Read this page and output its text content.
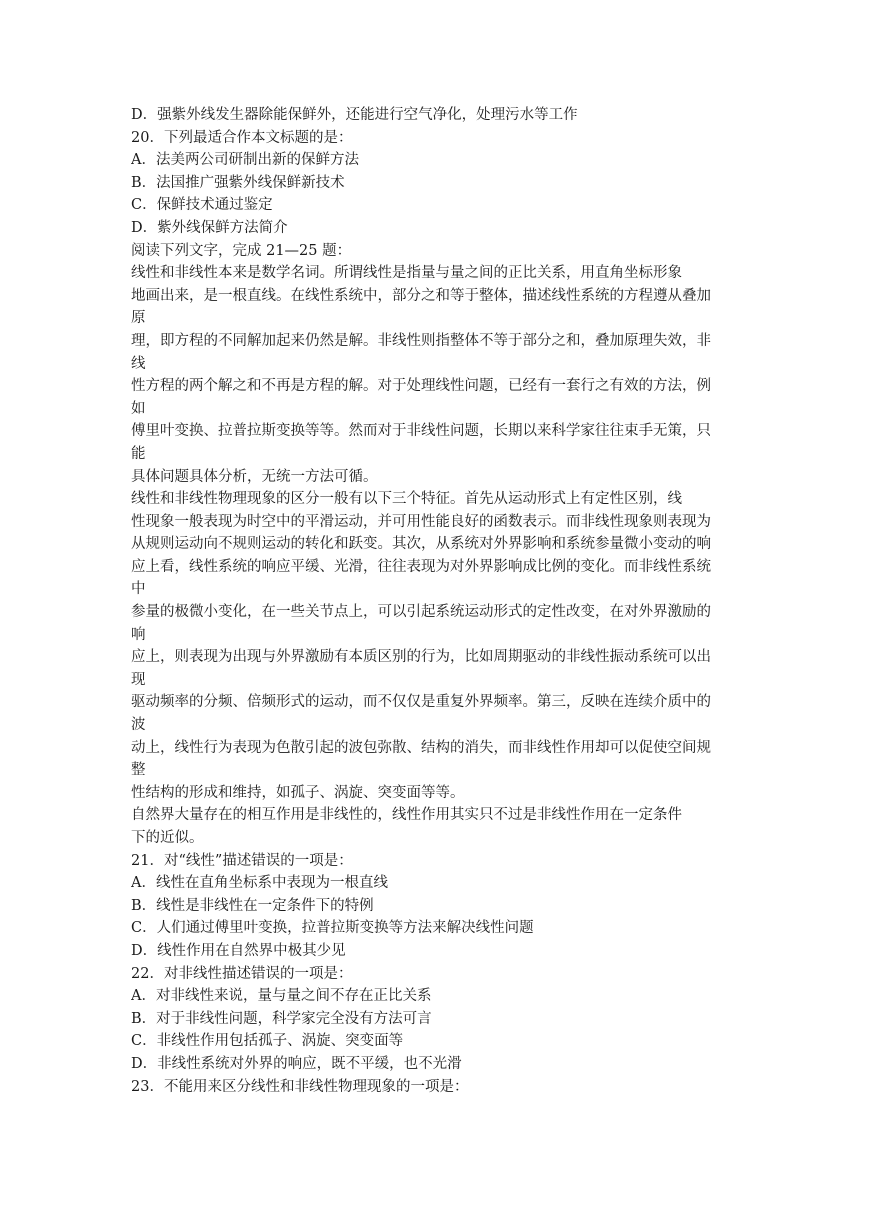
D．强紫外线发生器除能保鲜外，还能进行空气净化，处理污水等工作
20．下列最适合作本文标题的是：
A．法美两公司研制出新的保鲜方法
B．法国推广强紫外线保鲜新技术
C．保鲜技术通过鉴定
D．紫外线保鲜方法简介
阅读下列文字，完成 21—25 题：
线性和非线性本来是数学名词。所谓线性是指量与量之间的正比关系，用直角坐标形象
地画出来，是一根直线。在线性系统中，部分之和等于整体，描述线性系统的方程遵从叠加
原
理，即方程的不同解加起来仍然是解。非线性则指整体不等于部分之和，叠加原理失效，非
线
性方程的两个解之和不再是方程的解。对于处理线性问题，已经有一套行之有效的方法，例
如
傅里叶变换、拉普拉斯变换等等。然而对于非线性问题，长期以来科学家往往束手无策，只
能
具体问题具体分析，无统一方法可循。
线性和非线性物理现象的区分一般有以下三个特征。首先从运动形式上有定性区别，线
性现象一般表现为时空中的平滑运动，并可用性能良好的函数表示。而非线性现象则表现为
从规则运动向不规则运动的转化和跃变。其次，从系统对外界影响和系统参量微小变动的响
应上看，线性系统的响应平缓、光滑，往往表现为对外界影响成比例的变化。而非线性系统
中
参量的极微小变化，在一些关节点上，可以引起系统运动形式的定性改变，在对外界激励的
响
应上，则表现为出现与外界激励有本质区别的行为，比如周期驱动的非线性振动系统可以出
现
驱动频率的分频、倍频形式的运动，而不仅仅是重复外界频率。第三，反映在连续介质中的
波
动上，线性行为表现为色散引起的波包弥散、结构的消失，而非线性作用却可以促使空间规
整
性结构的形成和维持，如孤子、涡旋、突变面等等。
自然界大量存在的相互作用是非线性的，线性作用其实只不过是非线性作用在一定条件
下的近似。
21．对“线性”描述错误的一项是：
A．线性在直角坐标系中表现为一根直线
B．线性是非线性在一定条件下的特例
C．人们通过傅里叶变换，拉普拉斯变换等方法来解决线性问题
D．线性作用在自然界中极其少见
22．对非线性描述错误的一项是：
A．对非线性来说，量与量之间不存在正比关系
B．对于非线性问题，科学家完全没有方法可言
C．非线性作用包括孤子、涡旋、突变面等
D．非线性系统对外界的响应，既不平缓，也不光滑
23．不能用来区分线性和非线性物理现象的一项是：
